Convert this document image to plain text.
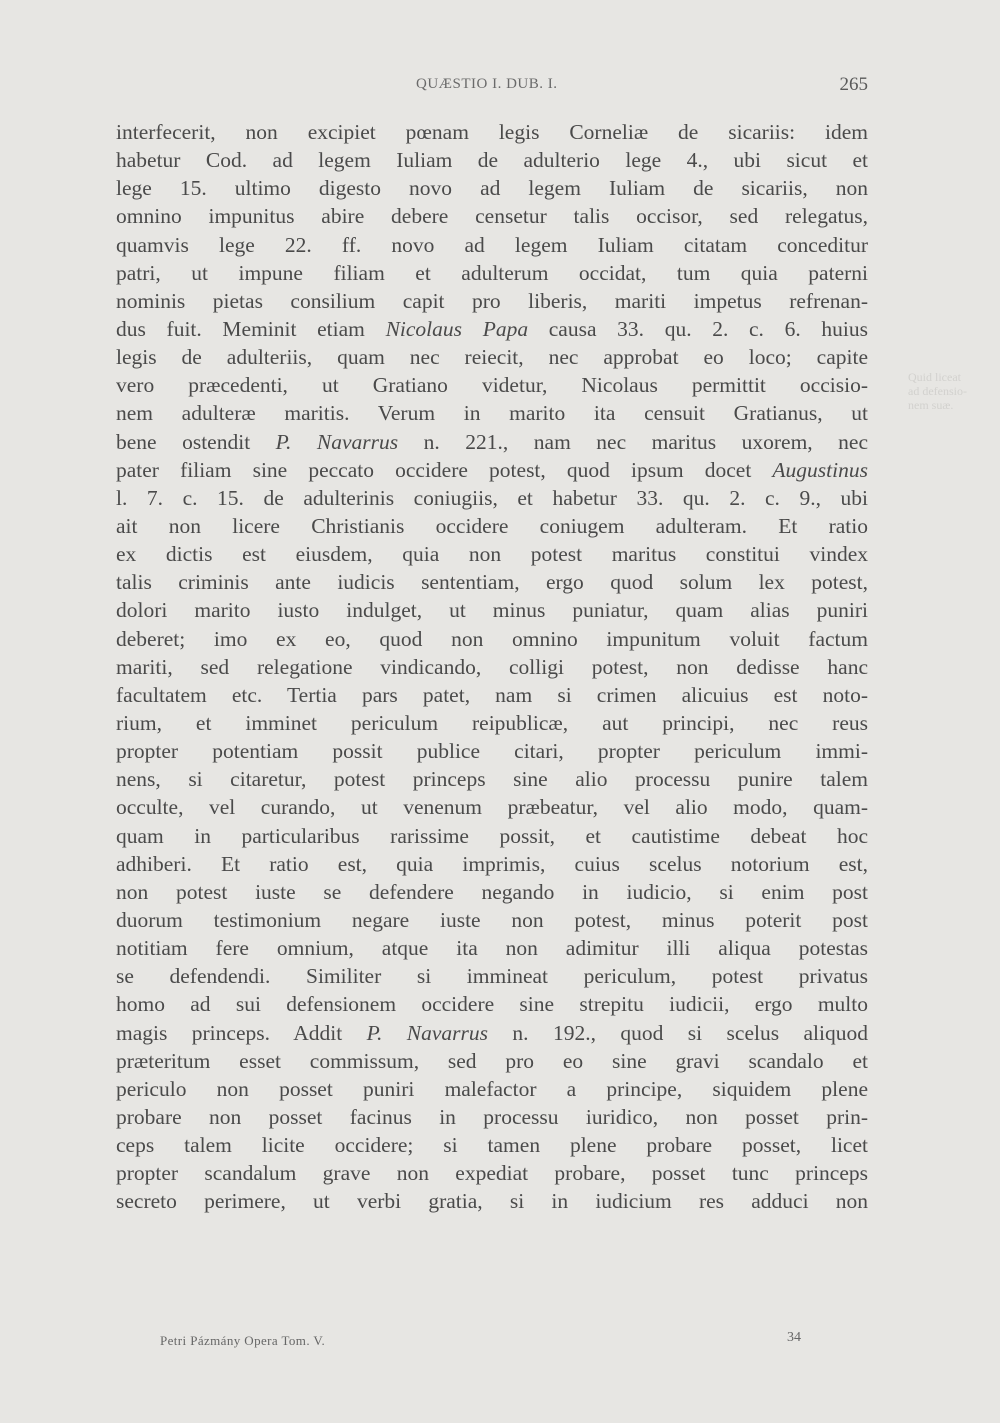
QUÆSTIO I. DUB. I.	265
Quid liceat
ad defensio-
nem suæ.
interfecerit, non excipiet pœnam legis Corneliæ de sicariis: idem
habetur Cod. ad legem Iuliam de adulterio lege 4., ubi sicut et
lege 15. ultimo digesto novo ad legem Iuliam de sicariis, non
omnino impunitus abire debere censetur talis occisor, sed relegatus,
quamvis lege 22. ff. novo ad legem Iuliam citatam conceditur
patri, ut impune filiam et adulterum occidat, tum quia paterni
nominis pietas consilium capit pro liberis, mariti impetus refrenan-
dus fuit. Meminit etiam Nicolaus Papa causa 33. qu. 2. c. 6. huius
legis de adulteriis, quam nec reiecit, nec approbat eo loco; capite
vero præcedenti, ut Gratiano videtur, Nicolaus permittit occisio-
nem adulteræ maritis. Verum in marito ita censuit Gratianus, ut
bene ostendit P. Navarrus n. 221., nam nec maritus uxorem, nec
pater filiam sine peccato occidere potest, quod ipsum docet Augustinus
l. 7. c. 15. de adulterinis coniugiis, et habetur 33. qu. 2. c. 9., ubi
ait non licere Christianis occidere coniugem adulteram. Et ratio
ex dictis est eiusdem, quia non potest maritus constitui vindex
talis criminis ante iudicis sententiam, ergo quod solum lex potest,
dolori marito iusto indulget, ut minus puniatur, quam alias puniri
deberet; imo ex eo, quod non omnino impunitum voluit factum
mariti, sed relegatione vindicando, colligi potest, non dedisse hanc
facultatem etc. Tertia pars patet, nam si crimen alicuius est noto-
rium, et imminet periculum reipublicæ, aut principi, nec reus
propter potentiam possit publice citari, propter periculum immi-
nens, si citaretur, potest princeps sine alio processu punire talem
occulte, vel curando, ut venenum præbeatur, vel alio modo, quam-
quam in particularibus rarissime possit, et cautistime debeat hoc
adhiberi. Et ratio est, quia imprimis, cuius scelus notorium est,
non potest iuste se defendere negando in iudicio, si enim post
duorum testimonium negare iuste non potest, minus poterit post
notitiam fere omnium, atque ita non adimitur illi aliqua potestas
se defendendi. Similiter si immineat periculum, potest privatus
homo ad sui defensionem occidere sine strepitu iudicii, ergo multo
magis princeps. Addit P. Navarrus n. 192., quod si scelus aliquod
præteritum esset commissum, sed pro eo sine gravi scandalo et
periculo non posset puniri malefactor a principe, siquidem plene
probare non posset facinus in processu iuridico, non posset prin-
ceps talem licite occidere; si tamen plene probare posset, licet
propter scandalum grave non expediat probare, posset tunc princeps
secreto perimere, ut verbi gratia, si in iudicium res adduci non
Petri Pázmány Opera Tom. V.	34
